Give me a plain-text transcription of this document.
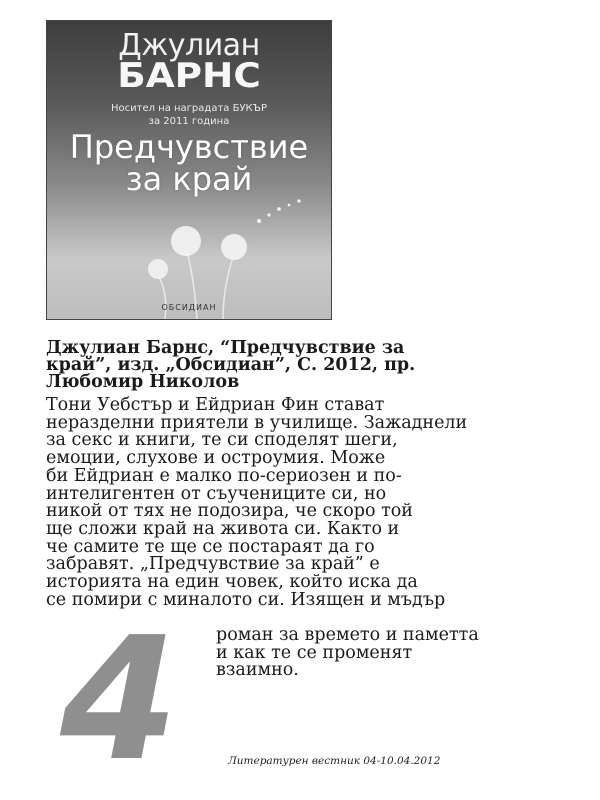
Джулиан
БАРНС
Носител на наградата БУКЪР
за 2011 година
Предчувствие
за край
ОБСИДИАН
Джулиан Барнс, “Предчувствие за
край”, изд. „Обсидиан”, С. 2012, пр.
Любомир Николов
Тони Уебстър и Ейдриан Фин стават
неразделни приятели в училище. Зажаднели
за секс и книги, те си споделят шеги,
емоции, слухове и остроумия. Може
би Ейдриан е малко по-сериозен и по-
интелигентен от съучениците си, но
никой от тях не подозира, че скоро той
ще сложи край на живота си. Както и
че самите те ще се постараят да го
забравят. „Предчувствие за край” е
историята на един човек, който иска да
се помири с миналото си. Изящен и мъдър
4 роман за времето и паметта
и как те се променят
взаимно.
Литературен вестник 04-10.04.2012
